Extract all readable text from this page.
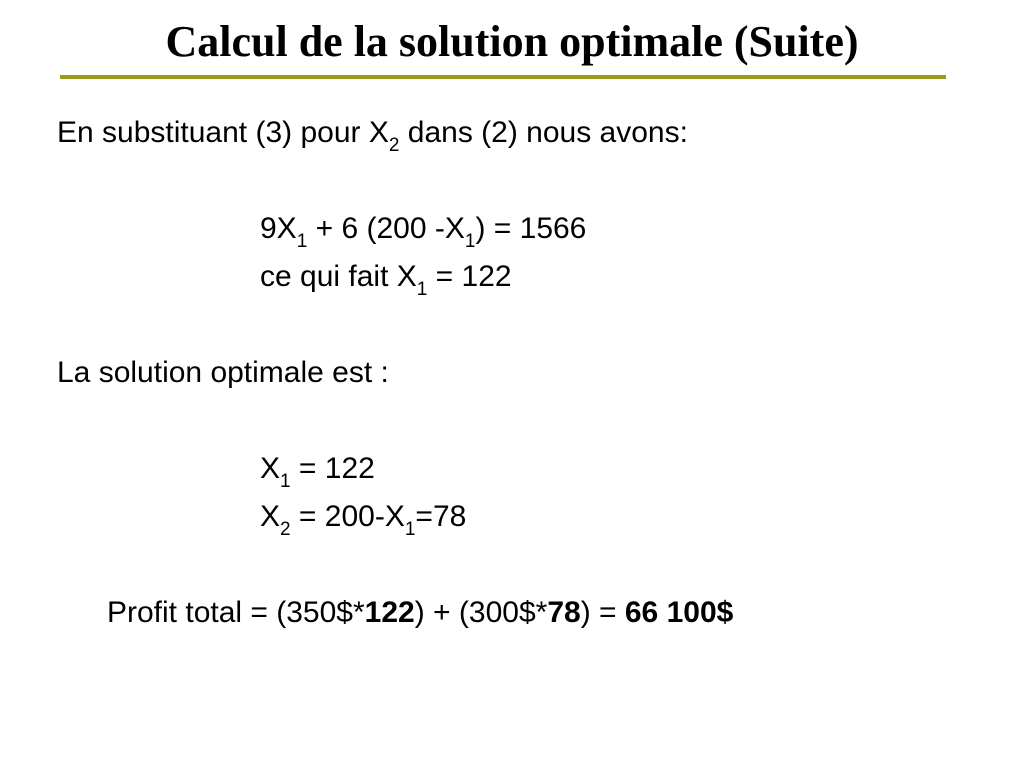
Calcul de la solution optimale (Suite)
En substituant (3) pour $X_2$ dans (2) nous avons:
$9X_1 + 6$ (200 $-X_1) = 1566$
ce qui fait $X_1 = 122$
La solution optimale est :
$X_1 = 122$
$X_2 = 200-X_1=78$
Profit total = (350$*122) + (300$*78) = 66 100$
